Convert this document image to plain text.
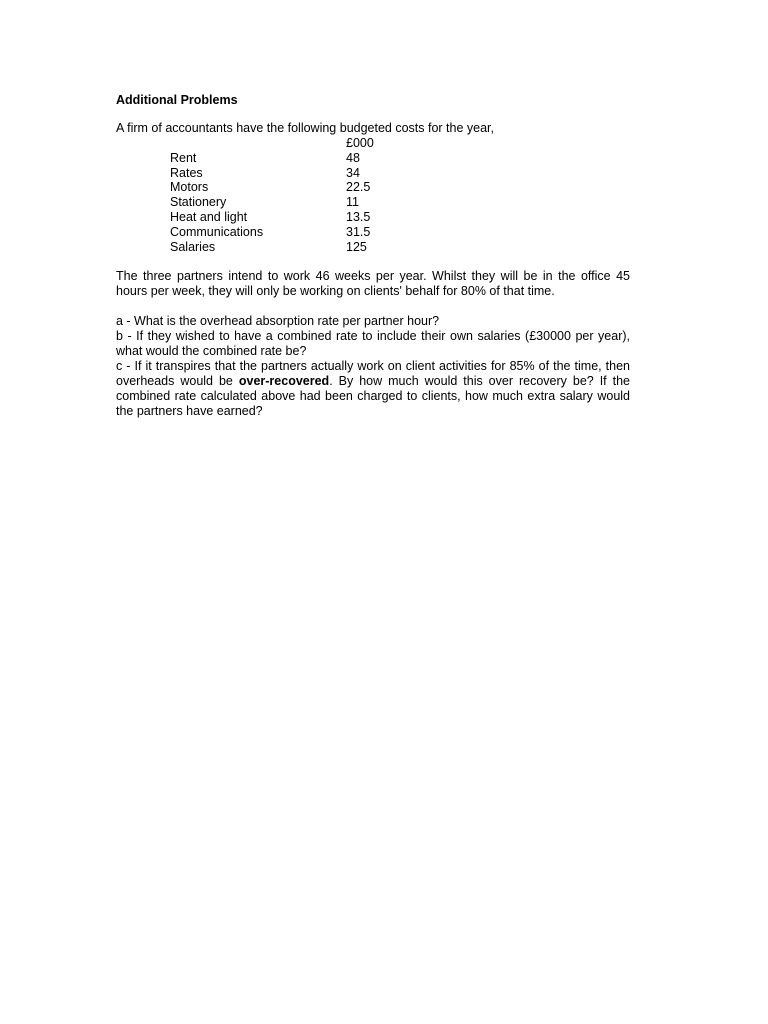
Additional Problems

A firm of accountants have the following budgeted costs for the year,

	£000
Rent	48
Rates	34
Motors	22.5
Stationery	11
Heat and light	13.5
Communications	31.5
Salaries	125

The three partners intend to work 46 weeks per year. Whilst they will be in the office 45 hours per week, they will only be working on clients' behalf for 80% of that time.

a - What is the overhead absorption rate per partner hour?

b - If they wished to have a combined rate to include their own salaries (£30000 per year), what would the combined rate be?

c - If it transpires that the partners actually work on client activities for 85% of the time, then overheads would be over-recovered. By how much would this over recovery be? If the combined rate calculated above had been charged to clients, how much extra salary would the partners have earned?
